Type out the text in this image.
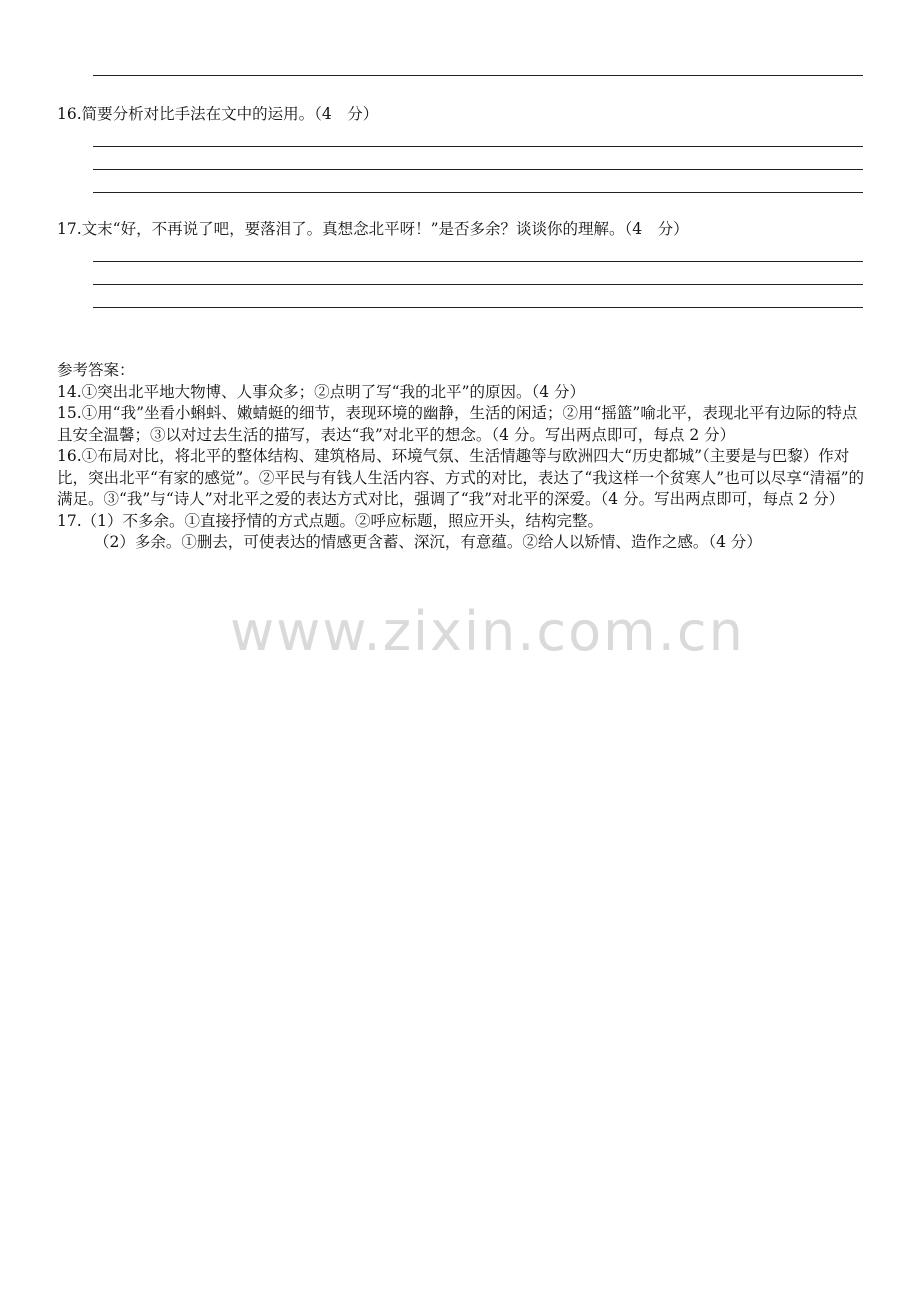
16.简要分析对比手法在文中的运用。（4　分）
17.文末“好，不再说了吧，要落泪了。真想念北平呀！”是否多余？谈谈你的理解。（4　分）

参考答案：

14.①突出北平地大物博、人事众多；②点明了写“我的北平”的原因。（4 分）

15.①用“我”坐看小蝌蚪、嫩蜻蜓的细节，表现环境的幽静，生活的闲适；②用“摇篮”喻北平，表现北平有边际的特点且安全温馨；③以对过去生活的描写，表达“我”对北平的想念。（4 分。写出两点即可，每点 2 分）

16.①布局对比，将北平的整体结构、建筑格局、环境气氛、生活情趣等与欧洲四大“历史都城”（主要是与巴黎）作对比，突出北平“有家的感觉”。②平民与有钱人生活内容、方式的对比，表达了“我这样一个贫寒人”也可以尽享“清福”的满足。③“我”与“诗人”对北平之爱的表达方式对比，强调了“我”对北平的深爱。（4 分。写出两点即可，每点 2 分）

17.（1）不多余。①直接抒情的方式点题。②呼应标题，照应开头，结构完整。

（2）多余。①删去，可使表达的情感更含蓄、深沉，有意蕴。②给人以矫情、造作之感。（4 分）

www.zixin.com.cn
